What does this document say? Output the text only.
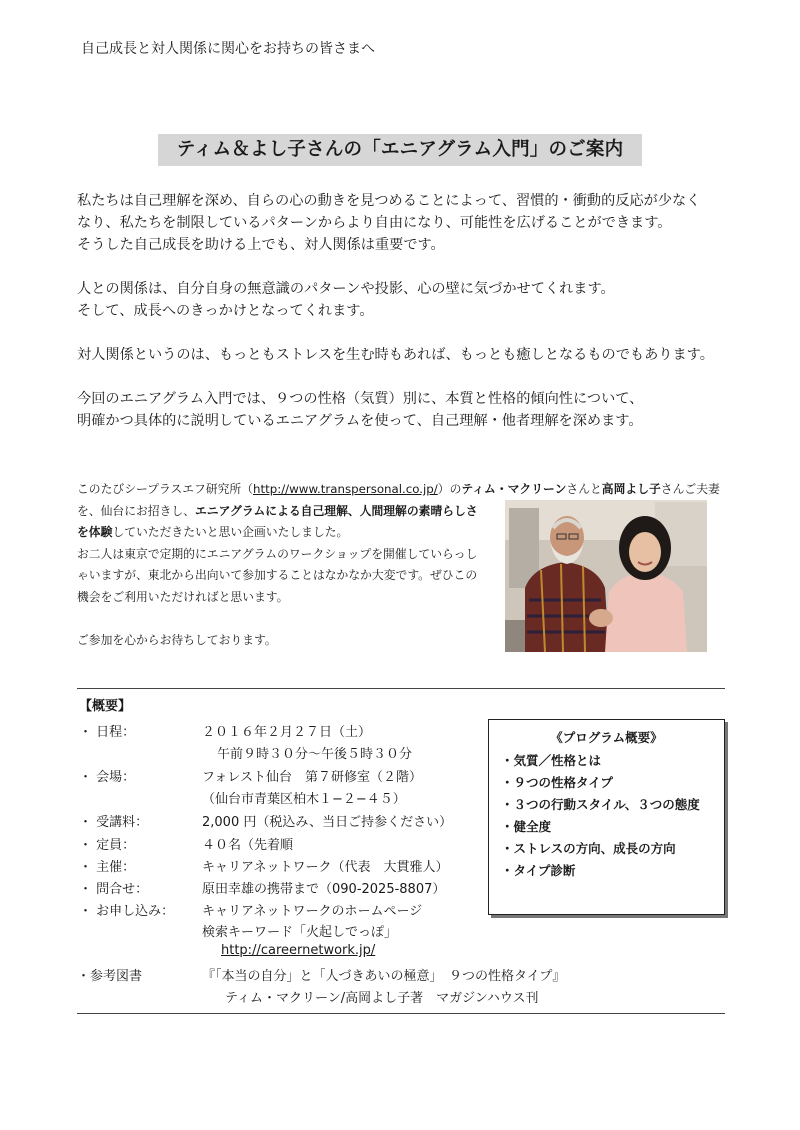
自己成長と対人関係に関心をお持ちの皆さまへ
ティム＆よし子さんの「エニアグラム入門」のご案内

私たちは自己理解を深め、自らの心の動きを見つめることによって、習慣的・衝動的反応が少なく
なり、私たちを制限しているパターンからより自由になり、可能性を広げることができます。
そうした自己成長を助ける上でも、対人関係は重要です。

人との関係は、自分自身の無意識のパターンや投影、心の壁に気づかせてくれます。
そして、成長へのきっかけとなってくれます。

対人関係というのは、もっともストレスを生む時もあれば、もっとも癒しとなるものでもあります。

今回のエニアグラム入門では、９つの性格（気質）別に、本質と性格的傾向性について、
明確かつ具体的に説明しているエニアグラムを使って、自己理解・他者理解を深めます。

このたびシープラスエフ研究所（http://www.transpersonal.co.jp/）のティム・マクリーンさんと高岡よし子さんご夫妻
を、仙台にお招きし、エニアグラムによる自己理解、人間理解の素晴らしさ
を体験していただきたいと思い企画いたしました。
お二人は東京で定期的にエニアグラムのワークショップを開催していらっし
ゃいますが、東北から出向いて参加することはなかなか大変です。ぜひこの
機会をご利用いただければと思います。

ご参加を心からお待ちしております。
【概要】
・ 日程：	２０１６年２月２７日（土）
午前９時３０分～午後５時３０分
・ 会場：	フォレスト仙台　第７研修室（２階）
（仙台市青葉区柏木１−２−４５）
・ 受講料：	2,000 円（税込み、当日ご持参ください）
・ 定員：	４０名（先着順
・ 主催：	キャリアネットワーク（代表　大貫雅人）
・ 問合せ：	原田幸雄の携帯まで（090-2025-8807）
・ お申し込み： キャリアネットワークのホームページ
検索キーワード「火起しでっぽ」
http://careernetwork.jp/
・参考図書	『「本当の自分」と「人づきあいの極意」　９つの性格タイプ』
ティム・マクリーン/高岡よし子著　マガジンハウス刊
《プログラム概要》
・気質／性格とは
・９つの性格タイプ
・３つの行動スタイル、３つの態度
・健全度
・ストレスの方向、成長の方向
・タイプ診断
